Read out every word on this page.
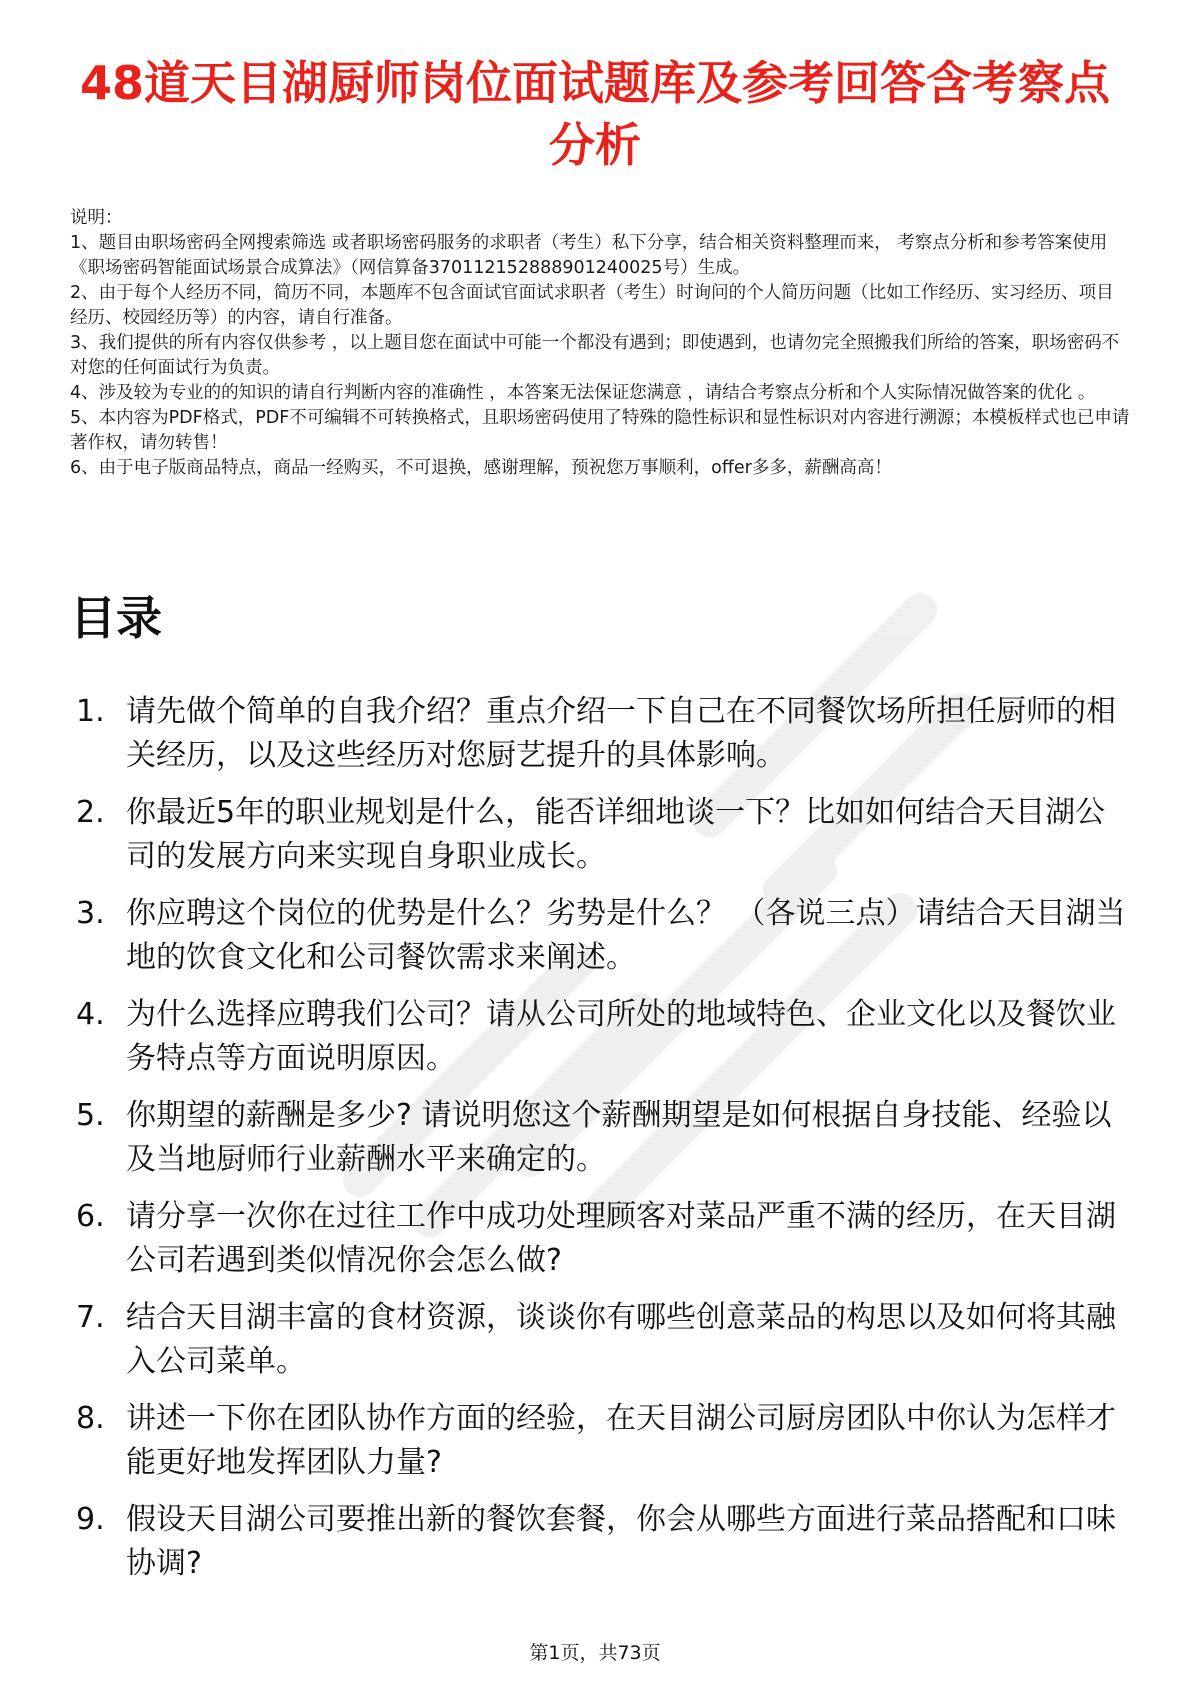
48道天目湖厨师岗位面试题库及参考回答含考察点分析

说明：

1、题目由职场密码全网搜索筛选 或者职场密码服务的求职者（考生）私下分享，结合相关资料整理而来， 考察点分析和参考答案使用《职场密码智能面试场景合成算法》（网信算备370112152888901240025号）生成。

2、由于每个人经历不同，简历不同，本题库不包含面试官面试求职者（考生）时询问的个人简历问题（比如工作经历、实习经历、项目经历、校园经历等）的内容，请自行准备。

3、我们提供的所有内容仅供参考 ，以上题目您在面试中可能一个都没有遇到；即使遇到，也请勿完全照搬我们所给的答案，职场密码不对您的任何面试行为负责。

4、涉及较为专业的的知识的请自行判断内容的准确性 ，本答案无法保证您满意 ，请结合考察点分析和个人实际情况做答案的优化 。

5、本内容为PDF格式，PDF不可编辑不可转换格式，且职场密码使用了特殊的隐性标识和显性标识对内容进行溯源；本模板样式也已申请著作权，请勿转售！

6、由于电子版商品特点，商品一经购买，不可退换，感谢理解，预祝您万事顺利，offer多多，薪酬高高！

目录
1. 请先做个简单的自我介绍？重点介绍一下自己在不同餐饮场所担任厨师的相关经历，以及这些经历对您厨艺提升的具体影响。
2. 你最近5年的职业规划是什么，能否详细地谈一下？比如如何结合天目湖公司的发展方向来实现自身职业成长。
3. 你应聘这个岗位的优势是什么？劣势是什么？ （各说三点）请结合天目湖当地的饮食文化和公司餐饮需求来阐述。
4. 为什么选择应聘我们公司？请从公司所处的地域特色、企业文化以及餐饮业务特点等方面说明原因。
5. 你期望的薪酬是多少? 请说明您这个薪酬期望是如何根据自身技能、经验以及当地厨师行业薪酬水平来确定的。
6. 请分享一次你在过往工作中成功处理顾客对菜品严重不满的经历，在天目湖公司若遇到类似情况你会怎么做?
7. 结合天目湖丰富的食材资源，谈谈你有哪些创意菜品的构思以及如何将其融入公司菜单。
8. 讲述一下你在团队协作方面的经验，在天目湖公司厨房团队中你认为怎样才能更好地发挥团队力量?
9. 假设天目湖公司要推出新的餐饮套餐，你会从哪些方面进行菜品搭配和口味协调?
第1页，共73页
